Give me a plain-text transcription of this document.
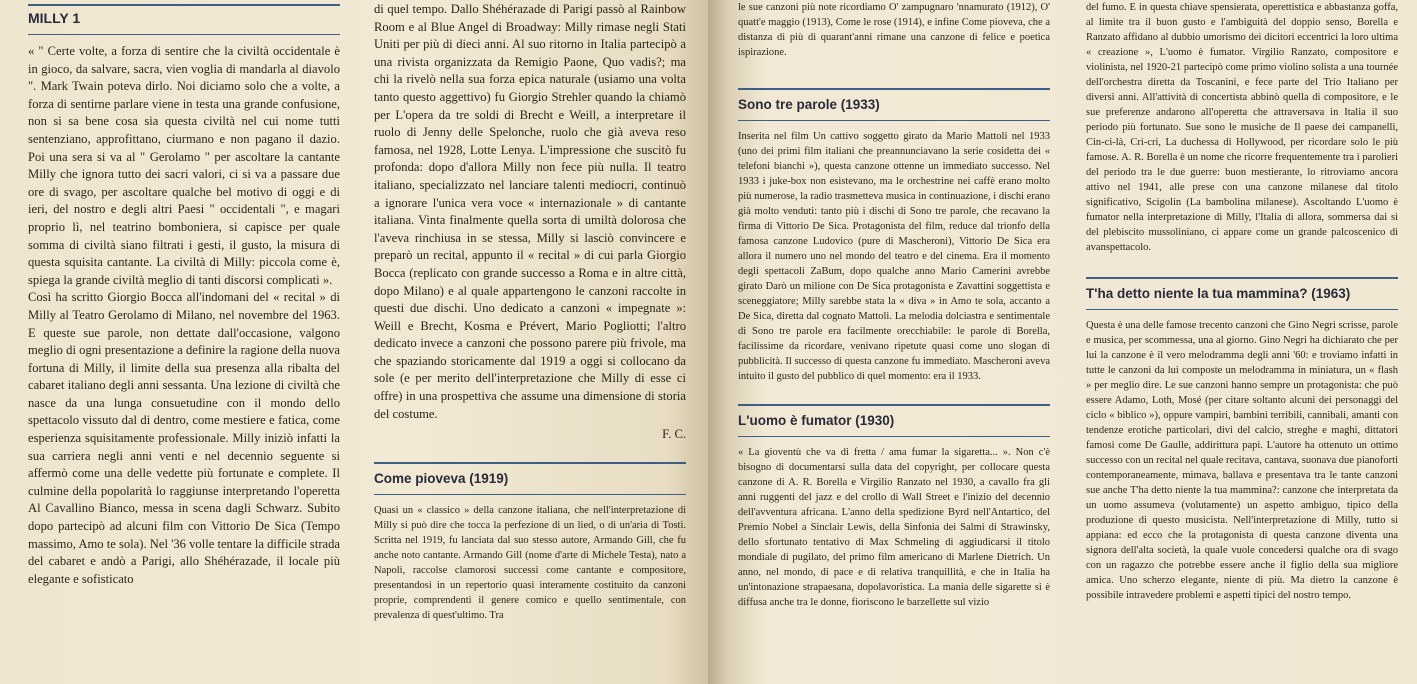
MILLY 1

« " Certe volte, a forza di sentire che la civiltà occidentale è in gioco, da salvare, sacra, vien voglia di mandarla al diavolo ". Mark Twain poteva dirlo. Noi diciamo solo che a volte, a forza di sentirne parlare viene in testa una grande confusione, non si sa bene cosa sia questa civiltà nel cui nome tutti sentenziano, approfittano, ciurmano e non pagano il dazio. Poi una sera si va al " Gerolamo " per ascoltare la cantante Milly che ignora tutto dei sacri valori, ci si va a passare due ore di svago, per ascoltare qualche bel motivo di oggi e di ieri, del nostro e degli altri Paesi " occidentali ", e magari proprio lì, nel teatrino bomboniera, si capisce per quale somma di civiltà siano filtrati i gesti, il gusto, la misura di questa squisita cantante. La civiltà di Milly: piccola come è, spiega la grande civiltà meglio di tanti discorsi complicati ».

Così ha scritto Giorgio Bocca all'indomani del « recital » di Milly al Teatro Gerolamo di Milano, nel novembre del 1963. E queste sue parole, non dettate dall'occasione, valgono meglio di ogni presentazione a definire la ragione della nuova fortuna di Milly, il limite della sua presenza alla ribalta del cabaret italiano degli anni sessanta. Una lezione di civiltà che nasce da una lunga consuetudine con il mondo dello spettacolo vissuto dal di dentro, come mestiere e fatica, come esperienza squisitamente professionale. Milly iniziò infatti la sua carriera negli anni venti e nel decennio seguente si affermò come una delle vedette più fortunate e complete. Il culmine della popolarità lo raggiunse interpretando l'operetta Al Cavallino Bianco, messa in scena dagli Schwarz. Subito dopo partecipò ad alcuni film con Vittorio De Sica (Tempo massimo, Amo te sola). Nel '36 volle tentare la difficile strada del cabaret e andò a Parigi, allo Shéhérazade, il locale più elegante e sofisticato

di quel tempo. Dallo Shéhérazade di Parigi passò al Rainbow Room e al Blue Angel di Broadway: Milly rimase negli Stati Uniti per più di dieci anni. Al suo ritorno in Italia partecipò a una rivista organizzata da Remigio Paone, Quo vadis?; ma chi la rivelò nella sua forza epica naturale (usiamo una volta tanto questo aggettivo) fu Giorgio Strehler quando la chiamò per L'opera da tre soldi di Brecht e Weill, a interpretare il ruolo di Jenny delle Spelonche, ruolo che già aveva reso famosa, nel 1928, Lotte Lenya. L'impressione che suscitò fu profonda: dopo d'allora Milly non fece più nulla. Il teatro italiano, specializzato nel lanciare talenti mediocri, continuò a ignorare l'unica vera voce « internazionale » di cantante italiana. Vinta finalmente quella sorta di umiltà dolorosa che l'aveva rinchiusa in se stessa, Milly si lasciò convincere e preparò un recital, appunto il « recital » di cui parla Giorgio Bocca (replicato con grande successo a Roma e in altre città, dopo Milano) e al quale appartengono le canzoni raccolte in questi due dischi. Uno dedicato a canzoni « impegnate »: Weill e Brecht, Kosma e Prévert, Mario Pogliotti; l'altro dedicato invece a canzoni che possono parere più frivole, ma che spaziando storicamente dal 1919 a oggi si collocano da sole (e per merito dell'interpretazione che Milly di esse ci offre) in una prospettiva che assume una dimensione di storia del costume.

F. C.
Come pioveva (1919)

Quasi un « classico » della canzone italiana, che nell'interpretazione di Milly si può dire che tocca la perfezione di un lied, o di un'aria di Tosti. Scritta nel 1919, fu lanciata dal suo stesso autore, Armando Gill, che fu anche noto cantante. Armando Gill (nome d'arte di Michele Testa), nato a Napoli, raccolse clamorosi successi come cantante e compositore, presentandosi in un repertorio quasi interamente costituito da canzoni proprie, comprendenti il genere comico e quello sentimentale, con prevalenza di quest'ultimo. Tra

le sue canzoni più note ricordiamo O' zampugnaro 'nnamurato (1912), O' quatt'e maggio (1913), Come le rose (1914), e infine Come pioveva, che a distanza di più di quarant'anni rimane una canzone di felice e poetica ispirazione.

Sono tre parole (1933)

Inserita nel film Un cattivo soggetto girato da Mario Mattoli nel 1933 (uno dei primi film italiani che preannunciavano la serie cosidetta dei « telefoni bianchi »), questa canzone ottenne un immediato successo. Nel 1933 i juke-box non esistevano, ma le orchestrine nei caffè erano molto più numerose, la radio trasmetteva musica in continuazione, i dischi erano già molto venduti: tanto più i dischi di Sono tre parole, che recavano la firma di Vittorio De Sica. Protagonista del film, reduce dal trionfo della famosa canzone Ludovico (pure di Mascheroni), Vittorio De Sica era allora il numero uno nel mondo del teatro e del cinema. Era il momento degli spettacoli ZaBum, dopo qualche anno Mario Camerini avrebbe girato Darò un milione con De Sica protagonista e Zavattini soggettista e sceneggiatore; Milly sarebbe stata la « diva » in Amo te sola, accanto a De Sica, diretta dal cognato Mattoli. La melodia dolciastra e sentimentale di Sono tre parole era facilmente orecchiabile: le parole di Borella, facilissime da ricordare, venivano ripetute quasi come uno slogan di pubblicità. Il successo di questa canzone fu immediato. Mascheroni aveva intuito il gusto del pubblico di quel momento: era il 1933.

L'uomo è fumator (1930)

« La gioventù che va di fretta / ama fumar la sigaretta... ». Non c'è bisogno di documentarsi sulla data del copyright, per collocare questa canzone di A. R. Borella e Virgilio Ranzato nel 1930, a cavallo fra gli anni ruggenti del jazz e del crollo di Wall Street e l'inizio del decennio dell'avventura africana. L'anno della spedizione Byrd nell'Antartico, del Premio Nobel a Sinclair Lewis, della Sinfonia dei Salmi di Strawinsky, dello sfortunato tentativo di Max Schmeling di aggiudicarsi il titolo mondiale di pugilato, del primo film americano di Marlene Dietrich. Un anno, nel mondo, di pace e di relativa tranquillità, e che in Italia ha un'intonazione strapaesana, dopolavoristica. La mania delle sigarette si è diffusa anche tra le donne, fioriscono le barzellette sul vizio

del fumo. E in questa chiave spensierata, operettistica e abbastanza goffa, al limite tra il buon gusto e l'ambiguità del doppio senso, Borella e Ranzato affidano al dubbio umorismo dei dicitori eccentrici la loro ultima « creazione », L'uomo è fumator. Virgilio Ranzato, compositore e violinista, nel 1920-21 partecipò come primo violino solista a una tournée dell'orchestra diretta da Toscanini, e fece parte del Trio Italiano per diversi anni. All'attività di concertista abbinò quella di compositore, e le sue preferenze andarono all'operetta che attraversava in Italia il suo periodo più fortunato. Sue sono le musiche de Il paese dei campanelli, Cin-ci-là, Cri-cri, La duchessa di Hollywood, per ricordare solo le più famose. A. R. Borella è un nome che ricorre frequentemente tra i parolieri del periodo tra le due guerre: buon mestierante, lo ritroviamo ancora attivo nel 1941, alle prese con una canzone milanese dal titolo significativo, Scigolin (La bambolina milanese). Ascoltando L'uomo è fumator nella interpretazione di Milly, l'Italia di allora, sommersa dai sì del plebiscito mussoliniano, ci appare come un grande palcoscenico di avanspettacolo.

T'ha detto niente la tua mammina? (1963)

Questa è una delle famose trecento canzoni che Gino Negri scrisse, parole e musica, per scommessa, una al giorno. Gino Negri ha dichiarato che per lui la canzone è il vero melodramma degli anni '60: e troviamo infatti in tutte le canzoni da lui composte un melodramma in miniatura, un « flash » per meglio dire. Le sue canzoni hanno sempre un protagonista: che può essere Adamo, Loth, Mosé (per citare soltanto alcuni dei personaggi del ciclo « biblico »), oppure vampiri, bambini terribili, cannibali, amanti con tendenze erotiche particolari, divi del calcio, streghe e maghi, dittatori famosi come De Gaulle, addirittura papi. L'autore ha ottenuto un ottimo successo con un recital nel quale recitava, cantava, suonava due pianoforti contemporaneamente, mimava, ballava e presentava tra le tante canzoni sue anche T'ha detto niente la tua mammina?: canzone che interpretata da un uomo assumeva (volutamente) un aspetto ambiguo, tipico della produzione di questo musicista. Nell'interpretazione di Milly, tutto si appiana: ed ecco che la protagonista di questa canzone diventa una signora dell'alta società, la quale vuole concedersi qualche ora di svago con un ragazzo che potrebbe essere anche il figlio della sua migliore amica. Uno scherzo elegante, niente di più. Ma dietro la canzone è possibile intravedere problemi e aspetti tipici del nostro tempo.
